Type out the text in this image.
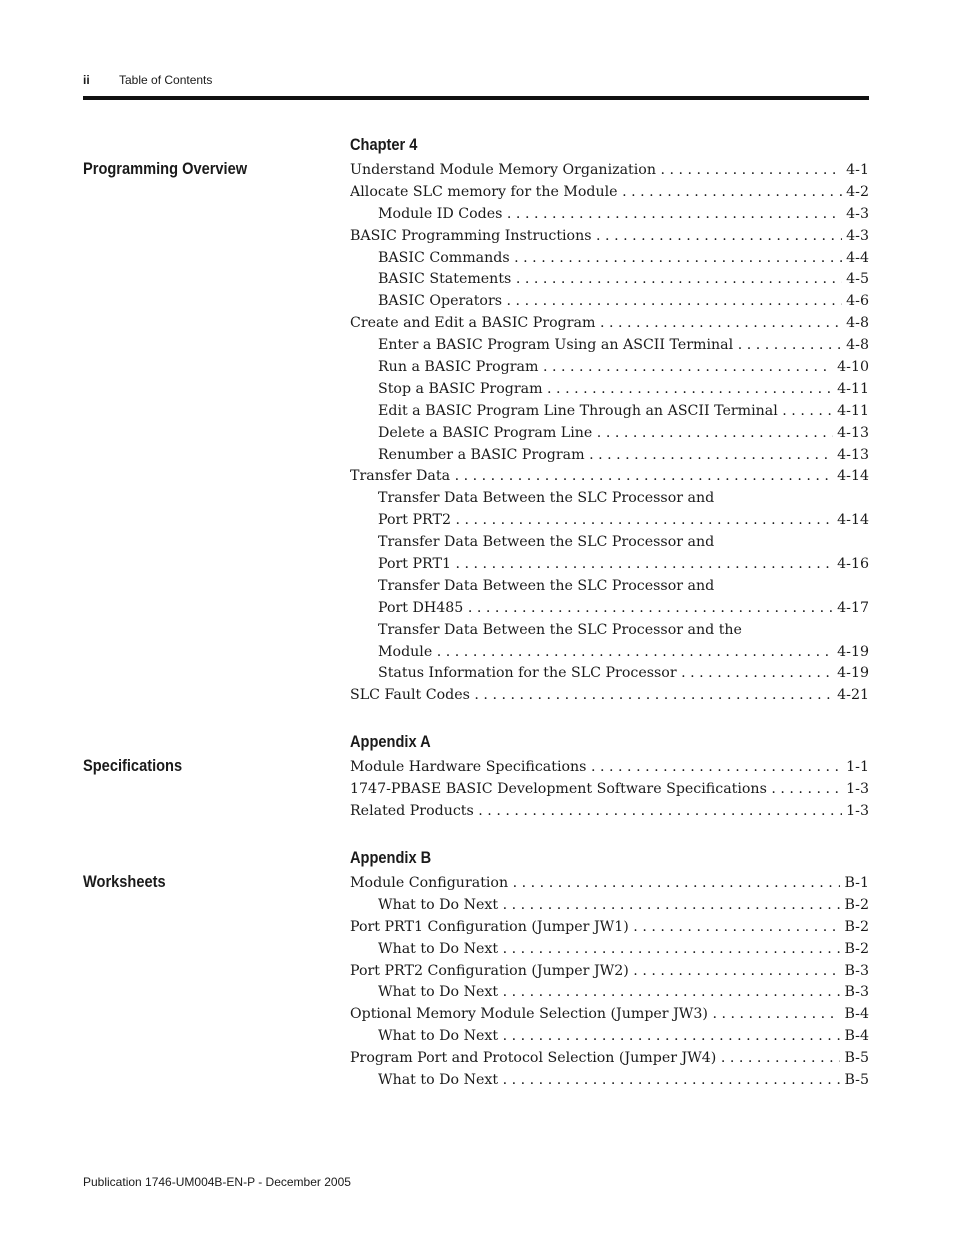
ii Table of Contents
Chapter 4
Programming Overview	Understand Module Memory Organization . . .	4-1
Allocate SLC memory for the Module . . .	4-2
Module ID Codes . . .	4-3
BASIC Programming Instructions . . .	4-3
BASIC Commands . . .	4-4
BASIC Statements . . .	4-5
BASIC Operators . . .	4-6
Create and Edit a BASIC Program . . .	4-8
Enter a BASIC Program Using an ASCII Terminal . . .	4-8
Run a BASIC Program . . .	4-10
Stop a BASIC Program . . .	4-11
Edit a BASIC Program Line Through an ASCII Terminal . . .	4-11
Delete a BASIC Program Line . . .	4-13
Renumber a BASIC Program . . .	4-13
Transfer Data . . .	4-14
Transfer Data Between the SLC Processor and
Port PRT2 . . .	4-14
Transfer Data Between the SLC Processor and
Port PRT1 . . .	4-16
Transfer Data Between the SLC Processor and
Port DH485 . . .	4-17
Transfer Data Between the SLC Processor and the
Module . . .	4-19
Status Information for the SLC Processor . . .	4-19
SLC Fault Codes . . .	4-21
Appendix A
Specifications	Module Hardware Specifications . . .	1-1
1747-PBASE BASIC Development Software Specifications . . .	1-3
Related Products . . .	1-3
Appendix B
Worksheets	Module Configuration . . .	B-1
What to Do Next . . .	B-2
Port PRT1 Configuration (Jumper JW1) . . .	B-2
What to Do Next . . .	B-2
Port PRT2 Configuration (Jumper JW2) . . .	B-3
What to Do Next . . .	B-3
Optional Memory Module Selection (Jumper JW3) . . .	B-4
What to Do Next . . .	B-4
Program Port and Protocol Selection (Jumper JW4) . . .	B-5
What to Do Next . . .	B-5
Publication 1746-UM004B-EN-P - December 2005
